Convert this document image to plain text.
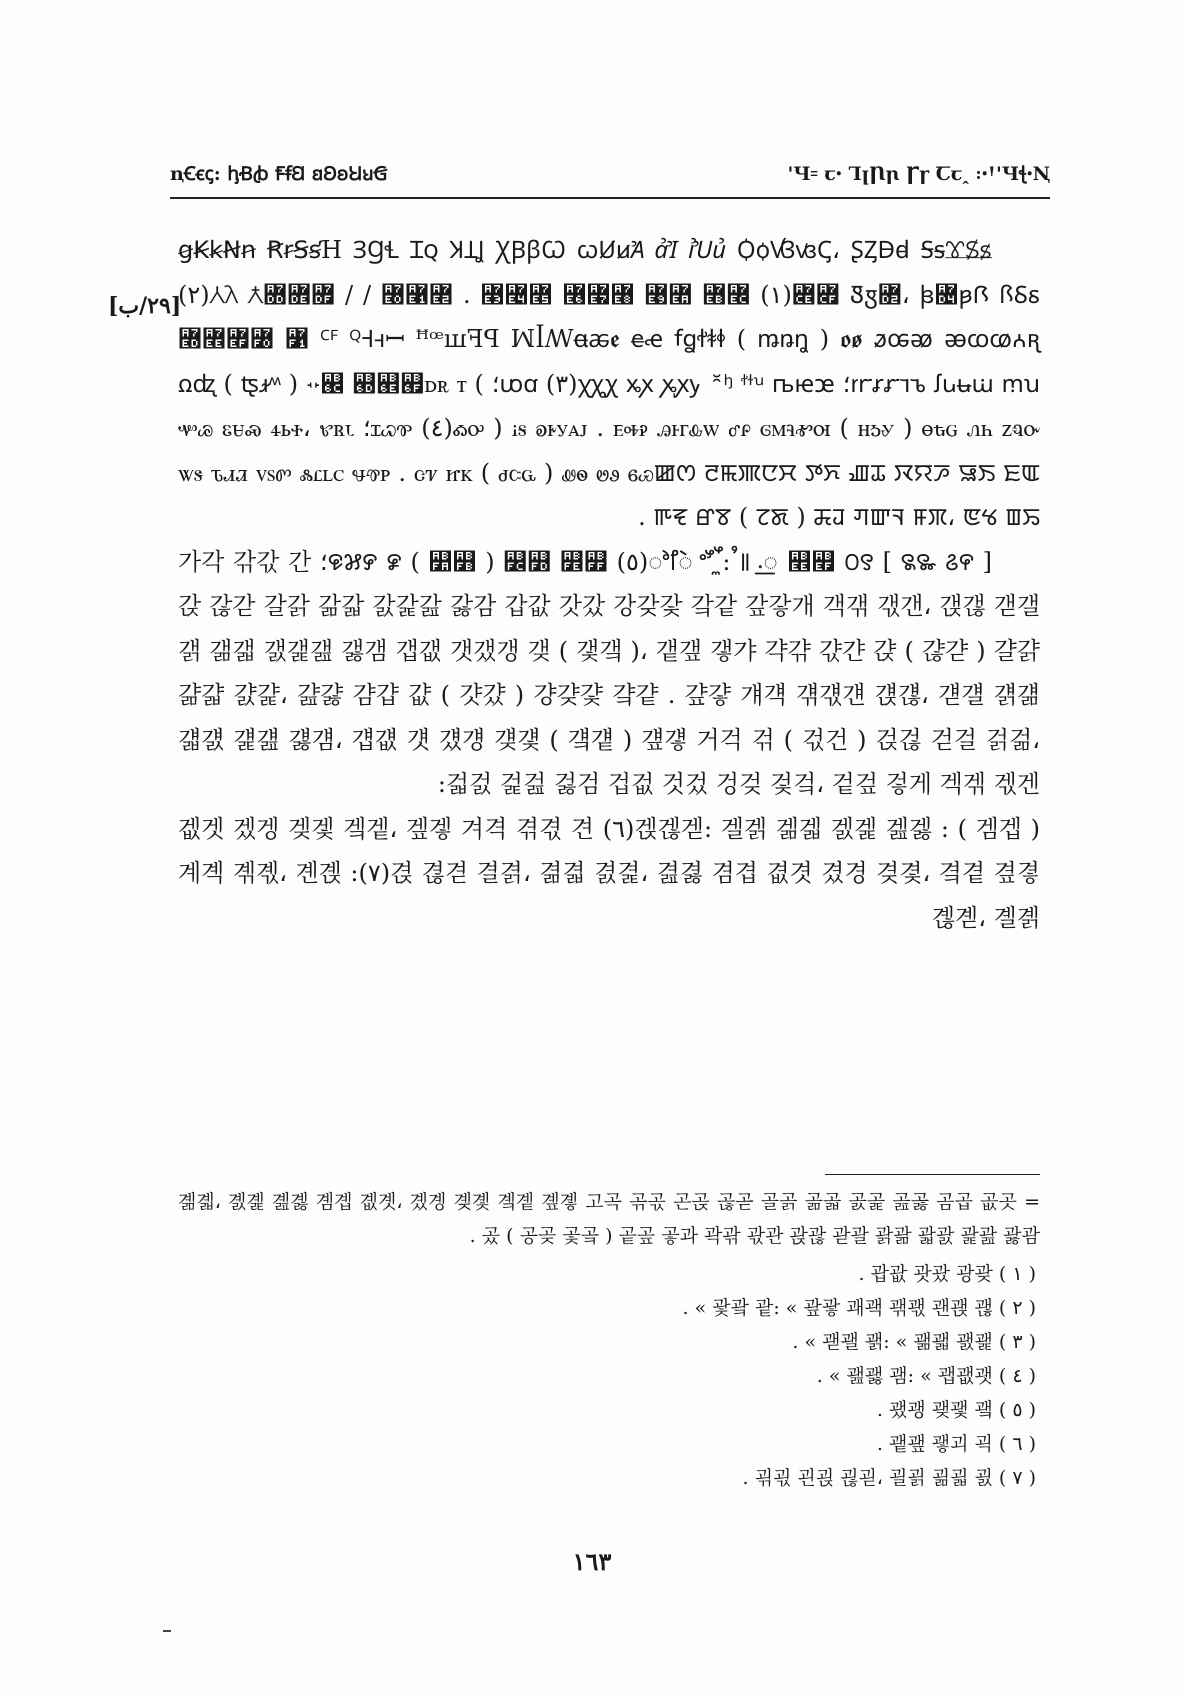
ꞌꞍ꞊ ꞇꞏ ꞀꞁꞂꞃ Ꞅꞅ Ꞇꞇꞈ ꞉ꞏꞋꞌꞍꞎꞏꞐ
ꞑꞒꞓꞔ: ꞕꞖꞗ ꞘꞙꞚ ꞛꞜꞝꞞꞟꞠ
[٢٩/ب]

ꞡꞢꞣꞤꞥ ꞦꞧꞨꞩꞪ ꞫꞬꞭ Ɪꞯ ꞰꞱꞲ ꞳꞴꞵꞶ ꞷꞸꞹꞺ ꞻꞼ ꞽꞾꞿ ꟀꟁꟂꟃꟄ، ꟅꟆꟇꟈ ꟉꟊꟋꟌꟍ ꟎꟏ Ꟑꟑ꟒، ꟓ꟔ꟕꟖ ꟗꟘꟙ(١) Ꟛꟛ Ƛ꟝꟞꟟ / / ꟠꟡꟢ . ꟣꟤꟥ ꟦꟧꟨ ꟩꟪ ꟫꟬(٢) ꟭꟮꟯꟰ ꟱ ꟲꟳ ꟴꟵꟶꟷ ꟸꟹꟺꟻꟼ ꟽꟾꟿꬰꬱꬲ ꬳꬴ ꬵꬶꬷꬸꬹ ( ꬺꬻꬼ ) ꬽꬾ ꬿꭀꭁ ꭂꭃꭄꭅꭆ ꭇꭈꭉꭊꭋꭌ ꭍꭎꭏꭐ ꭑꭒ؛ ꭓꭔꭕ ꭖꭗ ꭘꭙꭚ ꭛ꭜ ꭝꭞꭟ ꭠꭡꭢ(٣) ꭣꭤ؛ ꭥꭦ ( ꭧꭨꭩ ) ꭪꭫꭬ ꭭꭮꭯ꭰꭱ ꭲ ( ꭳꭴ ) ꭵꭶ ꭷꭸꭹꭺꭻ . ꭼꭽꭾ ꭿꮀꮁꮂꮃ ꮄꮅ ꮆꮇꮈꮉꮊ ( ꮋꮌꮍ ) ꮎꮏꮐ ꮑꮒ ꮓꮔꮕ(٤) ꮖꮗꮘ؛ ꮙꮚ ꮛꮜꮝ ꮞꮟꮠ، ꮡꮢꮣ ꮤꮥ ꮦꮧꮨ ꮩꮪꮫ ꮬꮭꮮꮯ ꮰꮱꮲ . ꮳꮴ ꮵꮶ ( ꮷꮸꮹ ) ꮺꮻ ꮼꮽ ꮾꮿꯀꯁ ꯂꯃꯄꯅꯆ ꯇꯈ ꯉꯊ ꯋꯌꯍ ꯎꯏ ꯐꯑ ꯒꯓ ꯔꯕ ( ꯖꯗ ) ꯘꯙ ꯚꯛꯜ ꯝꯞ، ꯟꯠ ꯡꯢ .

ꯣꯤꯥ ꯦꯧ ꯨꯩ: ꯪ꯫ ꯬꯭ ꯮꯯ ꯰꯱ [ ꯲꯳ ꯴꯵ ](٥) ꯶꯷꯸ ꯹ ( ꯺꯻ ) ꯼꯽ ꯾꯿؛ 가각 갂갃 간갅 갆갇 갈갉 갊갋 갌갍갎 갏감 갑값 갓갔 강갖갗 갘같 갚갛개 객갞 갟갠، 갡갢 갣갤갥 갦갧 갨갩갪 갫갬 갭갮 갯갰갱 갲 ( 갳갴 )، 갵갶 갷갸 갹갺 갻갼 갽 ( 갾갿 ) 걀걁 걂걃 걄걅، 걆걇 걈걉 걊 ( 걋걌 ) 걍걎걏 걐걑 . 걒걓 걔걕 걖걗걘 걙걚، 걛걜 걝걞 걟걠 걡걢 걣걤، 걥걦 걧 걨걩 걪걫 ( 걬걭 ) 걮걯 거걱 걲 ( 걳건 ) 걵걶 걷걸 걹걺، 걻걼 걽걾 걿검 겁겂 것겄 겅겆 겇겈، 겉겊 겋게 겍겎 겏겐:

겑겒겓: 겔겕 겖겗 겘겙 겚겛 : ( 겜겝 )(٦) 겞겟 겠겡 겢겣 겤겥، 겦겧 겨격 겪겫 견겭 겮겯 결겱، 겲겳 겴겵، 겶겷 겸겹 겺겻 겼경 겾겿، 곀곁 곂곃(٧): 계곅 곆곇، 곈곉 곊곋، 곌곍

= 곎곏، 곐곑 곒곓 곔곕 곖곗، 곘곙 곚곛 곜곝 곞곟 고곡 곢곣 곤곥 곦곧 골곩 곪곫 곬곭 곮곯 곰곱 곲곳 곴 ( 공곶 곷곸 ) 곹곺 곻과 곽곾 곿관 괁괂 괃괄 괅괆 괇괈 괉괊 괋괌 .

( ١ ) 괍괎 괏괐 광괒 .
( ٢ ) 괓괔 괕: « 괖괗 괘괙 괚괛 괜괝 괞 » .
( ٣ ) 괟괠 괡: « 괢괣 괤괥 » .
( ٤ ) 괦괧 괨: « 괩괪괫 » .
( ٥ ) 괬괭 괮괯 괰 .
( ٦ ) 괱괲 괳괴 괵 .
( ٧ ) 괶괷 괸괹 괺괻، 괼괽 괾괿 굀 .
١٦٣
